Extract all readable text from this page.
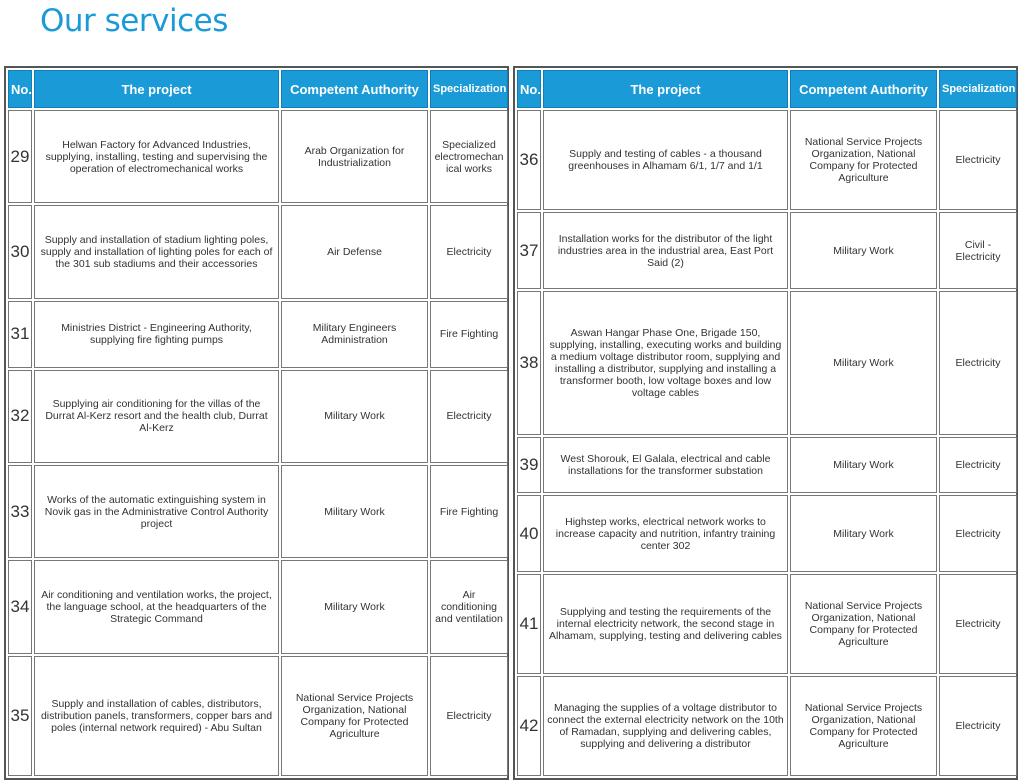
Our services
No.	The project	Competent Authority	Specialization
29	Helwan Factory for Advanced Industries, supplying, installing, testing and supervising the operation of electromechanical works	Arab Organization for Industrialization	Specialized electromechan ical works
30	Supply and installation of stadium lighting poles, supply and installation of lighting poles for each of the 301 sub stadiums and their accessories	Air Defense	Electricity
31	Ministries District - Engineering Authority, supplying fire fighting pumps	Military Engineers Administration	Fire Fighting
32	Supplying air conditioning for the villas of the Durrat Al-Kerz resort and the health club, Durrat Al-Kerz	Military Work	Electricity
33	Works of the automatic extinguishing system in Novik gas in the Administrative Control Authority project	Military Work	Fire Fighting
34	Air conditioning and ventilation works, the project, the language school, at the headquarters of the Strategic Command	Military Work	Air conditioning and ventilation
35	Supply and installation of cables, distributors, distribution panels, transformers, copper bars and poles (internal network required) - Abu Sultan	National Service Projects Organization, National Company for Protected Agriculture	Electricity
No.	The project	Competent Authority	Specialization
36	Supply and testing of cables - a thousand greenhouses in Alhamam 6/1, 1/7 and 1/1	National Service Projects Organization, National Company for Protected Agriculture	Electricity
37	Installation works for the distributor of the light industries area in the industrial area, East Port Said (2)	Military Work	Civil - Electricity
38	Aswan Hangar Phase One, Brigade 150, supplying, installing, executing works and building a medium voltage distributor room, supplying and installing a distributor, supplying and installing a transformer booth, low voltage boxes and low voltage cables	Military Work	Electricity
39	West Shorouk, El Galala, electrical and cable installations for the transformer substation	Military Work	Electricity
40	Highstep works, electrical network works to increase capacity and nutrition, infantry training center 302	Military Work	Electricity
41	Supplying and testing the requirements of the internal electricity network, the second stage in Alhamam, supplying, testing and delivering cables	National Service Projects Organization, National Company for Protected Agriculture	Electricity
42	Managing the supplies of a voltage distributor to connect the external electricity network on the 10th of Ramadan, supplying and delivering cables, supplying and delivering a distributor	National Service Projects Organization, National Company for Protected Agriculture	Electricity
